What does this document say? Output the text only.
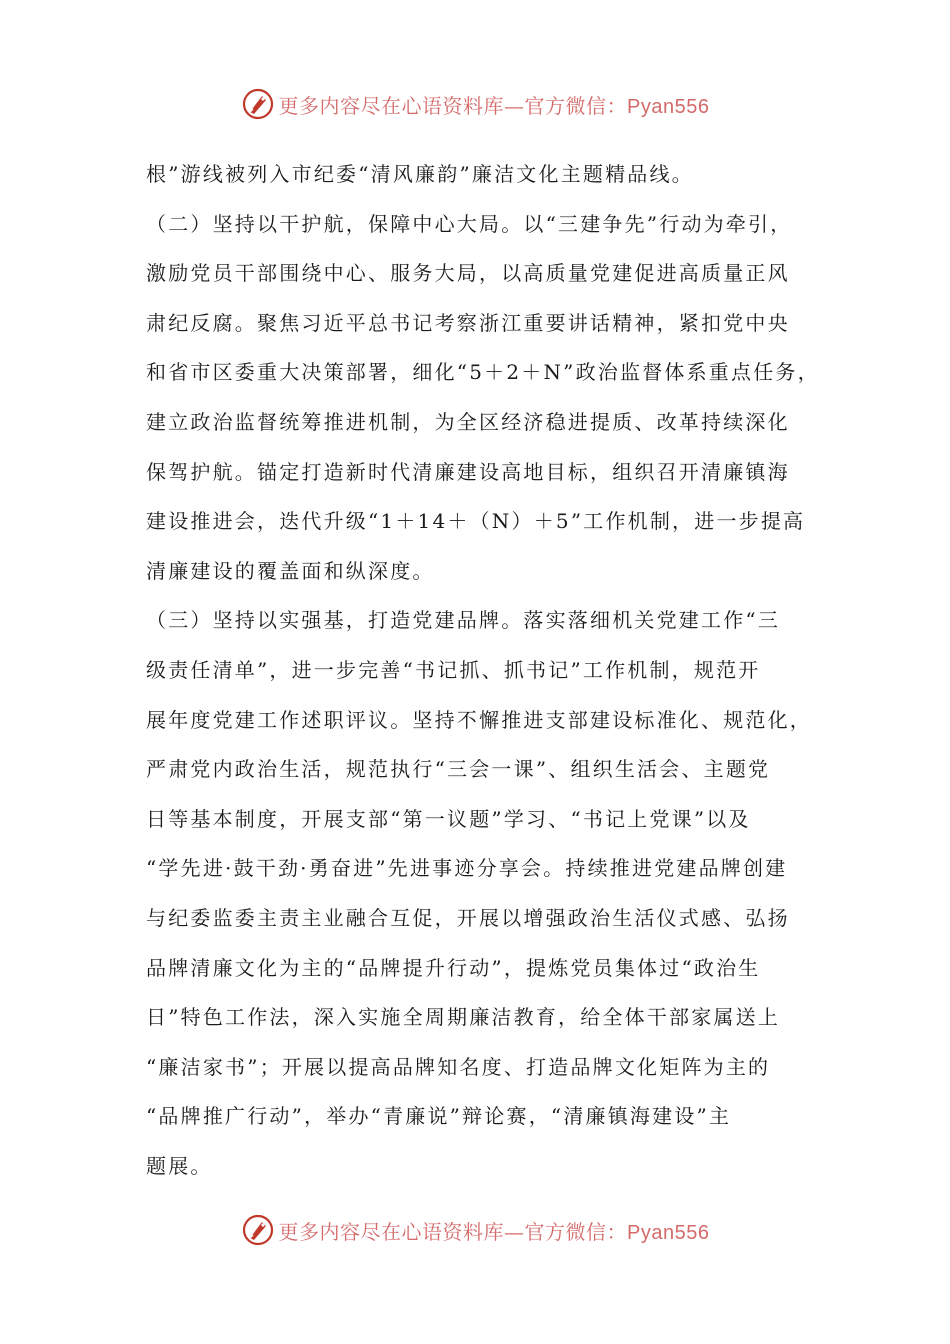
更多内容尽在心语资料库—官方微信：Pyan556
根”游线被列入市纪委“清风廉韵”廉洁文化主题精品线。
（二）坚持以干护航，保障中心大局。以“三建争先”行动为牵引，
激励党员干部围绕中心、服务大局，以高质量党建促进高质量正风
肃纪反腐。聚焦习近平总书记考察浙江重要讲话精神，紧扣党中央
和省市区委重大决策部署，细化“5＋2＋N”政治监督体系重点任务，
建立政治监督统筹推进机制，为全区经济稳进提质、改革持续深化
保驾护航。锚定打造新时代清廉建设高地目标，组织召开清廉镇海
建设推进会，迭代升级“1＋14＋（N）＋5”工作机制，进一步提高
清廉建设的覆盖面和纵深度。
（三）坚持以实强基，打造党建品牌。落实落细机关党建工作“三
级责任清单”，进一步完善“书记抓、抓书记”工作机制，规范开
展年度党建工作述职评议。坚持不懈推进支部建设标准化、规范化，
严肃党内政治生活，规范执行“三会一课”、组织生活会、主题党
日等基本制度，开展支部“第一议题”学习、“书记上党课”以及
“学先进·鼓干劲·勇奋进”先进事迹分享会。持续推进党建品牌创建
与纪委监委主责主业融合互促，开展以增强政治生活仪式感、弘扬
品牌清廉文化为主的“品牌提升行动”，提炼党员集体过“政治生
日”特色工作法，深入实施全周期廉洁教育，给全体干部家属送上
“廉洁家书”；开展以提高品牌知名度、打造品牌文化矩阵为主的
“品牌推广行动”，举办“青廉说”辩论赛，“清廉镇海建设”主
题展。
更多内容尽在心语资料库—官方微信：Pyan556
